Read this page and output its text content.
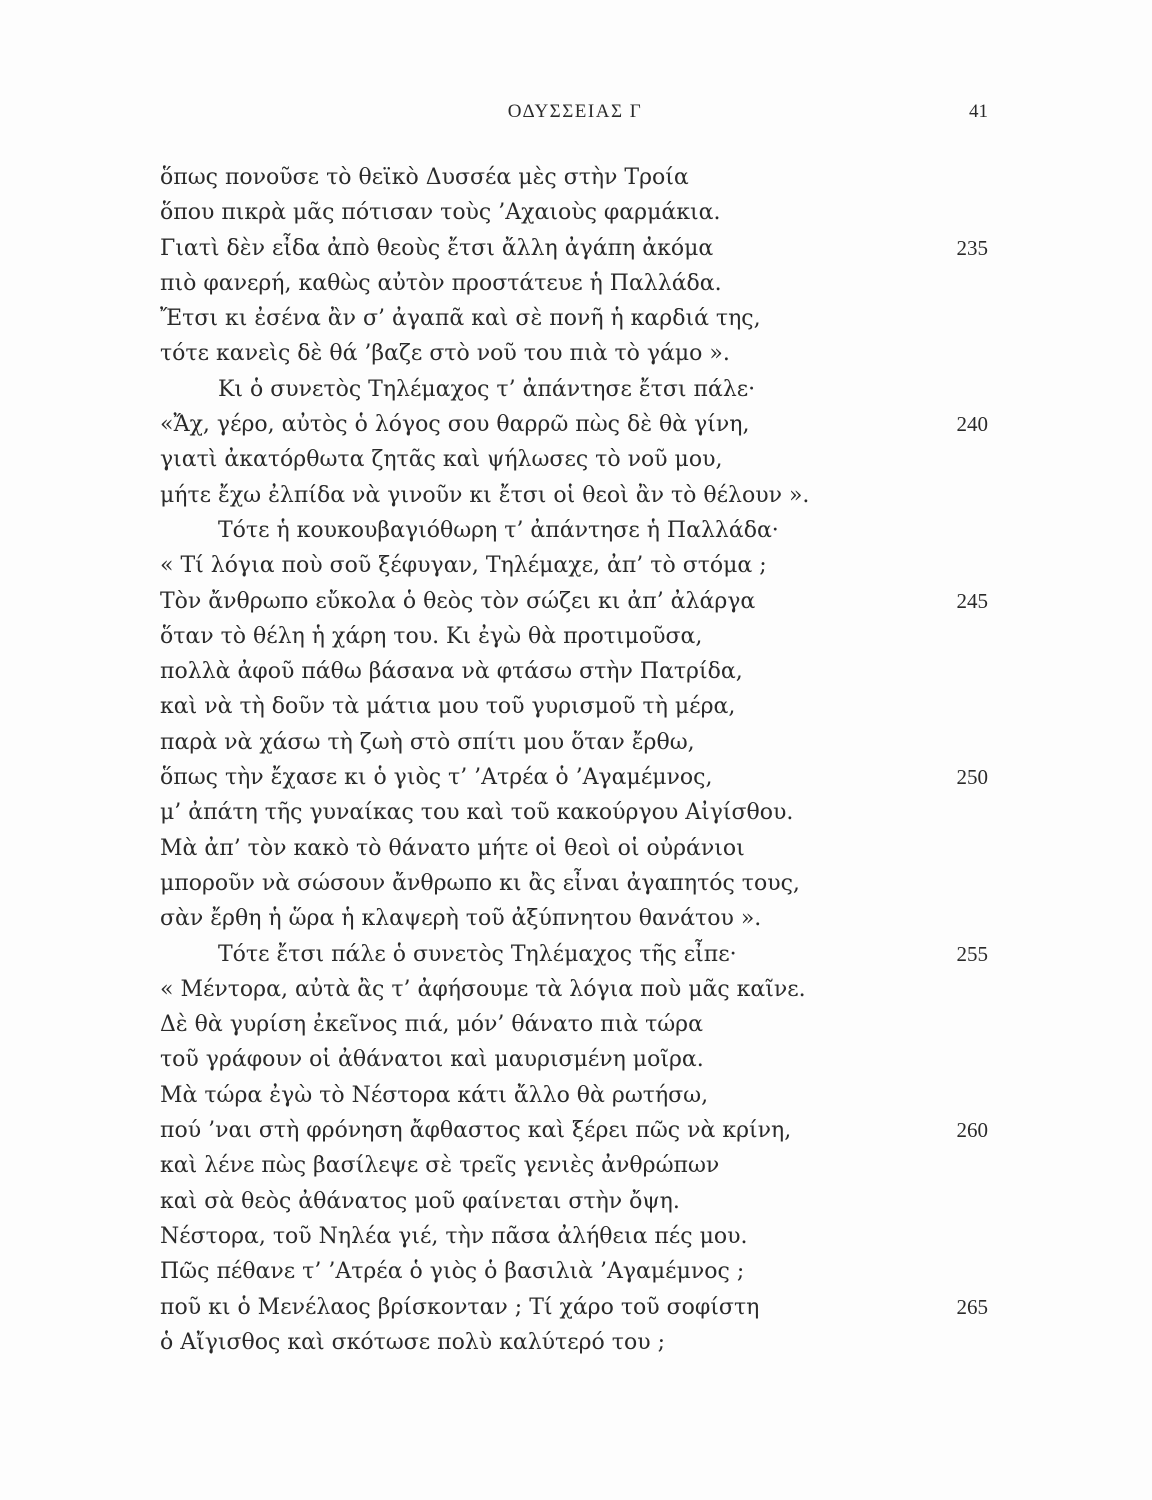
ΟΔΥΣΣΕΙΑΣ Γ	41
ὅπως πονοῦσε τὸ θεϊκὸ Δυσσέα μὲς στὴν Τροία
ὅπου πικρὰ μᾶς πότισαν τοὺς ’Αχαιοὺς φαρμάκια.
Γιατὶ δὲν εἶδα ἀπὸ θεοὺς ἔτσι ἄλλη ἀγάπη ἀκόμα	235
πιὸ φανερή, καθὼς αὐτὸν προστάτευε ἡ Παλλάδα.
Ἔτσι κι ἐσένα ἂν σ’ ἀγαπᾶ καὶ σὲ πονῆ ἡ καρδιά της,
τότε κανεὶς δὲ θά ’βαζε στὸ νοῦ του πιὰ τὸ γάμο ».
Κι ὁ συνετὸς Τηλέμαχος τ’ ἀπάντησε ἔτσι πάλε·
«Ἄχ, γέρο, αὐτὸς ὁ λόγος σου θαρρῶ πὼς δὲ θὰ γίνη,	240
γιατὶ ἀκατόρθωτα ζητᾶς καὶ ψήλωσες τὸ νοῦ μου,
μήτε ἔχω ἐλπίδα νὰ γινοῦν κι ἔτσι οἱ θεοὶ ἂν τὸ θέλουν ».
Τότε ἡ κουκουβαγιόθωρη τ’ ἀπάντησε ἡ Παλλάδα·
« Τί λόγια ποὺ σοῦ ξέφυγαν, Τηλέμαχε, ἀπ’ τὸ στόμα ;
Τὸν ἄνθρωπο εὔκολα ὁ θεὸς τὸν σώζει κι ἀπ’ ἀλάργα	245
ὅταν τὸ θέλη ἡ χάρη του. Κι ἐγὼ θὰ προτιμοῦσα,
πολλὰ ἀφοῦ πάθω βάσανα νὰ φτάσω στὴν Πατρίδα,
καὶ νὰ τὴ δοῦν τὰ μάτια μου τοῦ γυρισμοῦ τὴ μέρα,
παρὰ νὰ χάσω τὴ ζωὴ στὸ σπίτι μου ὅταν ἔρθω,
ὅπως τὴν ἔχασε κι ὁ γιὸς τ’ ’Ατρέα ὁ ’Αγαμέμνος,	250
μ’ ἀπάτη τῆς γυναίκας του καὶ τοῦ κακούργου Αἰγίσθου.
Μὰ ἀπ’ τὸν κακὸ τὸ θάνατο μήτε οἱ θεοὶ οἱ οὐράνιοι
μποροῦν νὰ σώσουν ἄνθρωπο κι ἂς εἶναι ἀγαπητός τους,
σὰν ἔρθη ἡ ὥρα ἡ κλαψερὴ τοῦ ἀξύπνητου θανάτου ».
Τότε ἔτσι πάλε ὁ συνετὸς Τηλέμαχος τῆς εἶπε·	255
« Μέντορα, αὐτὰ ἂς τ’ ἀφήσουμε τὰ λόγια ποὺ μᾶς καῖνε.
Δὲ θὰ γυρίση ἐκεῖνος πιά, μόν’ θάνατο πιὰ τώρα
τοῦ γράφουν οἱ ἀθάνατοι καὶ μαυρισμένη μοῖρα.
Μὰ τώρα ἐγὼ τὸ Νέστορα κάτι ἄλλο θὰ ρωτήσω,
πού ’ναι στὴ φρόνηση ἄφθαστος καὶ ξέρει πῶς νὰ κρίνη,	260
καὶ λένε πὼς βασίλεψε σὲ τρεῖς γενιὲς ἀνθρώπων
καὶ σὰ θεὸς ἀθάνατος μοῦ φαίνεται στὴν ὄψη.
Νέστορα, τοῦ Νηλέα γιέ, τὴν πᾶσα ἀλήθεια πές μου.
Πῶς πέθανε τ’ ’Ατρέα ὁ γιὸς ὁ βασιλιὰ ’Αγαμέμνος ;
ποῦ κι ὁ Μενέλαος βρίσκονταν ; Τί χάρο τοῦ σοφίστη	265
ὁ Αἴγισθος καὶ σκότωσε πολὺ καλύτερό του ;
